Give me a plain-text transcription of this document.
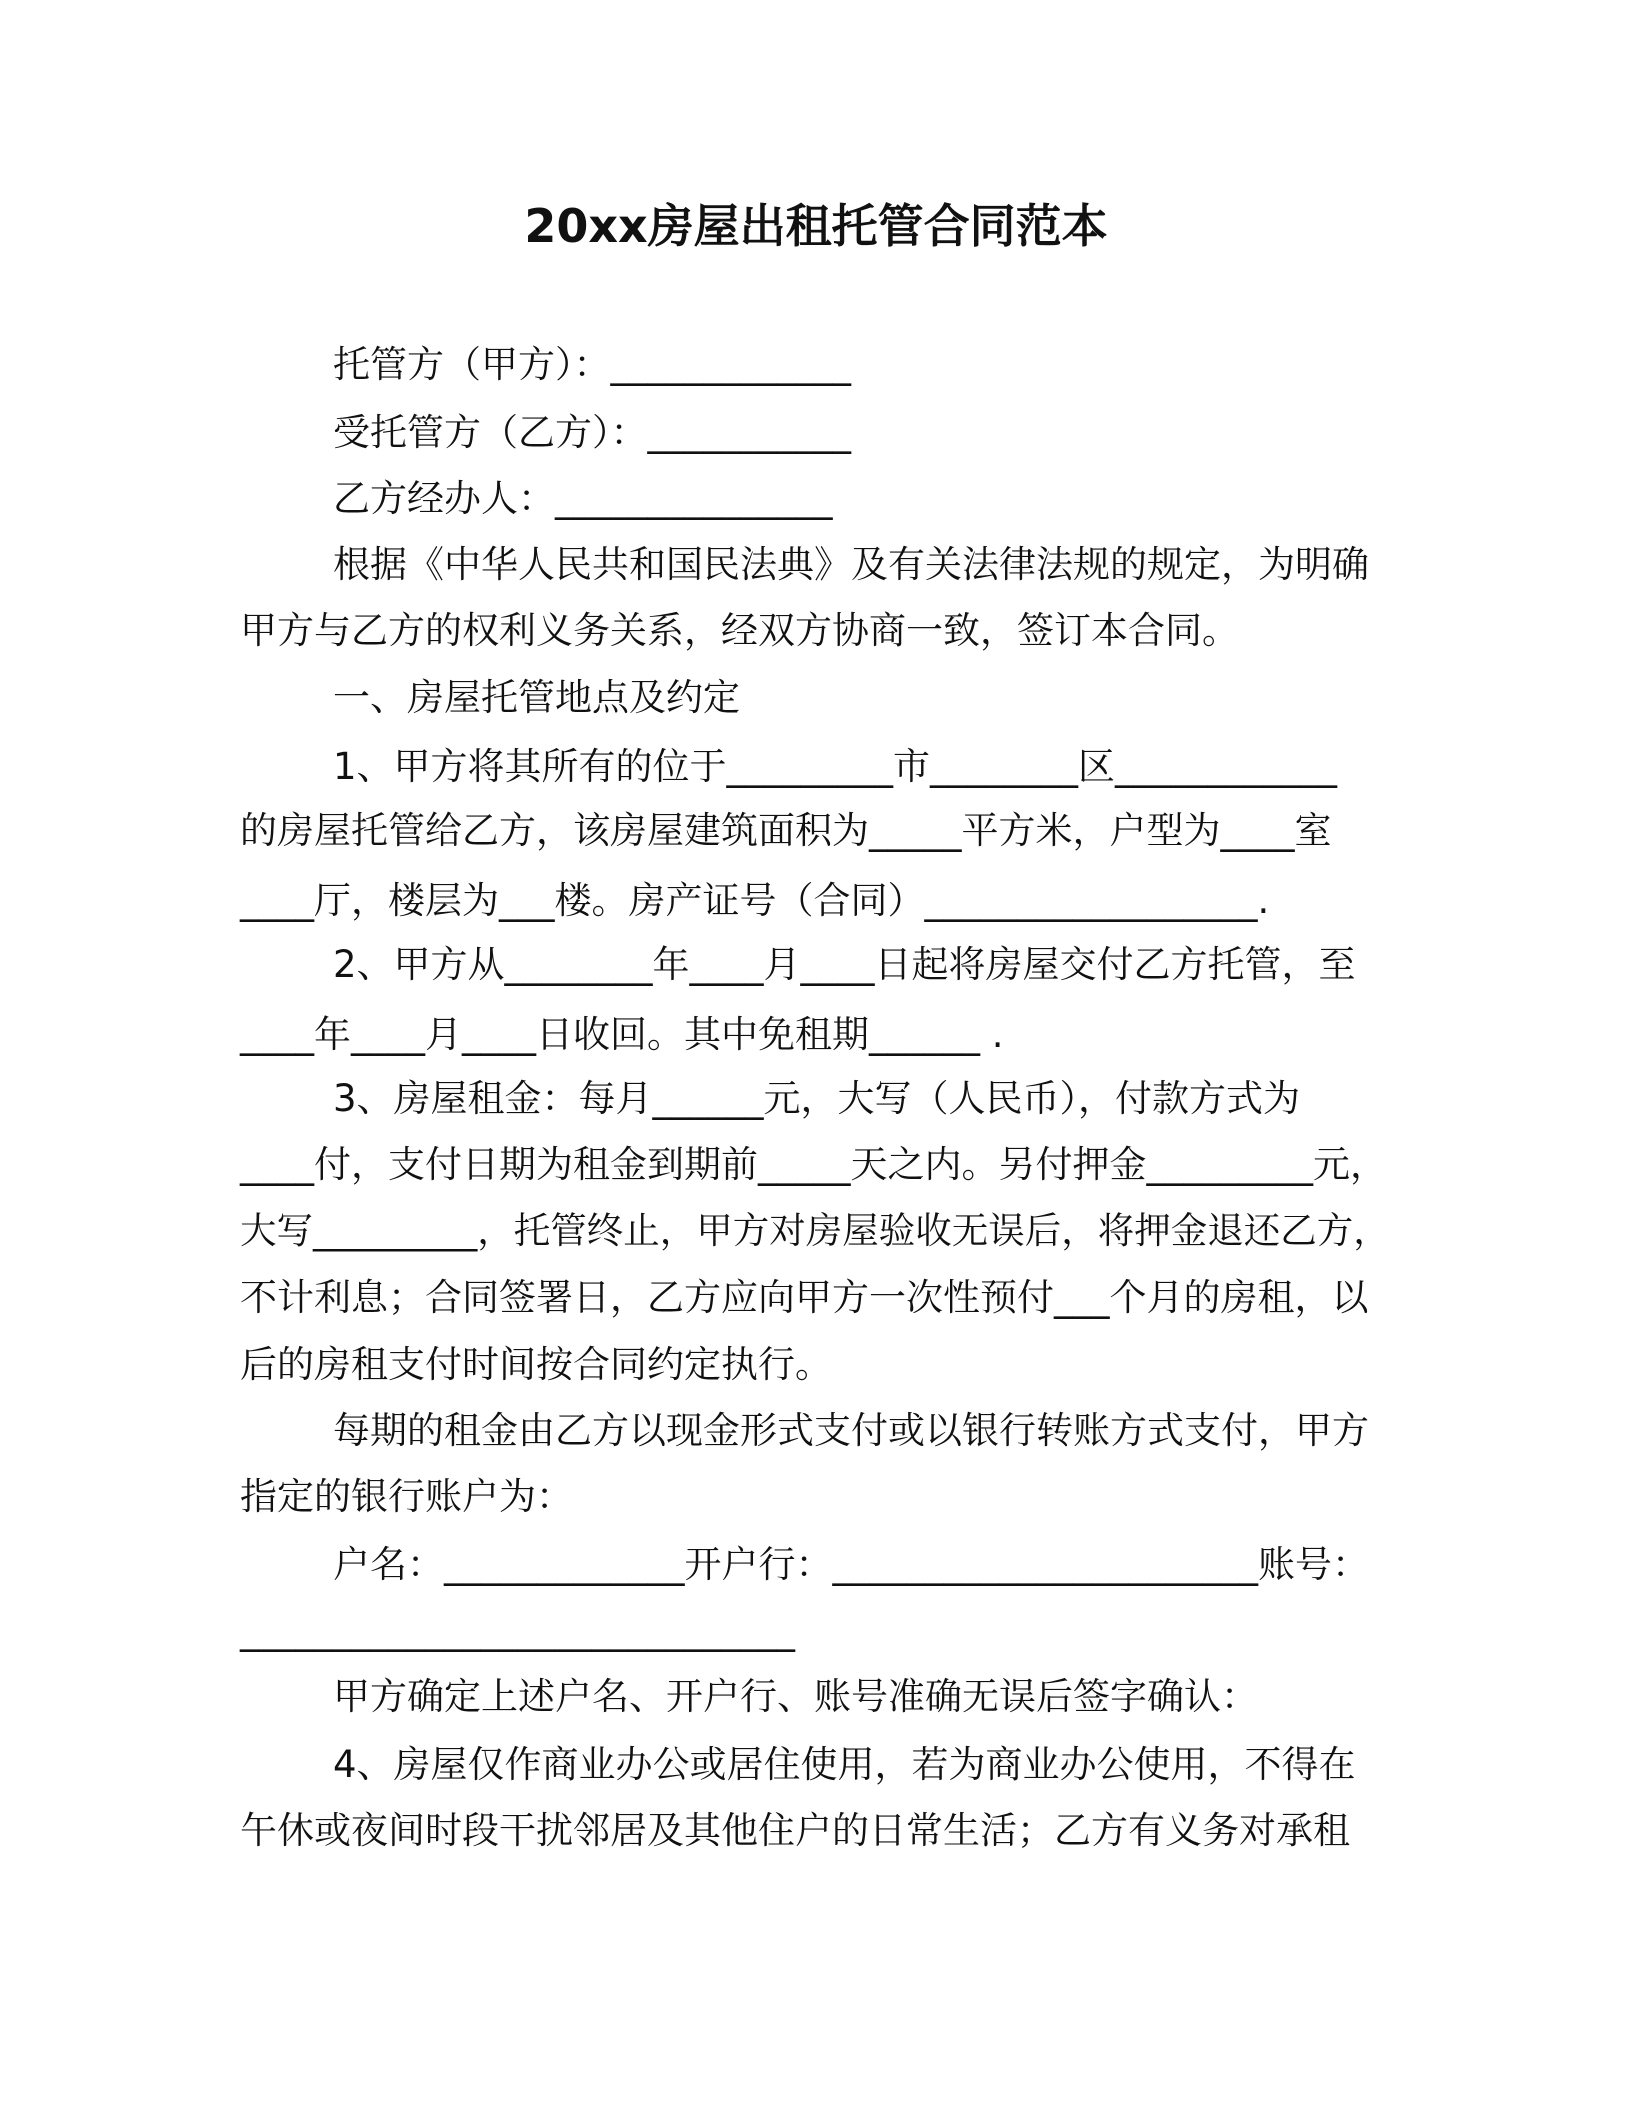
20xx房屋出租托管合同范本
托管方（甲方）：_____________
受托管方（乙方）：___________
乙方经办人：_______________
根据《中华人民共和国民法典》及有关法律法规的规定，为明确
甲方与乙方的权利义务关系，经双方协商一致，签订本合同。
一、房屋托管地点及约定
1、甲方将其所有的位于_________市________区____________
的房屋托管给乙方，该房屋建筑面积为_____平方米，户型为____室
____厅，楼层为___楼。房产证号（合同）__________________.
2、甲方从________年____月____日起将房屋交付乙方托管，至
____年____月____日收回。其中免租期______ .
3、房屋租金：每月______元，大写（人民币），付款方式为
____付，支付日期为租金到期前_____天之内。另付押金_________元，
大写_________，托管终止，甲方对房屋验收无误后，将押金退还乙方，
不计利息；合同签署日，乙方应向甲方一次性预付___个月的房租，以
后的房租支付时间按合同约定执行。
每期的租金由乙方以现金形式支付或以银行转账方式支付，甲方
指定的银行账户为：
户名：_____________开户行：_______________________账号：
______________________________
甲方确定上述户名、开户行、账号准确无误后签字确认：
4、房屋仅作商业办公或居住使用，若为商业办公使用，不得在
午休或夜间时段干扰邻居及其他住户的日常生活；乙方有义务对承租
